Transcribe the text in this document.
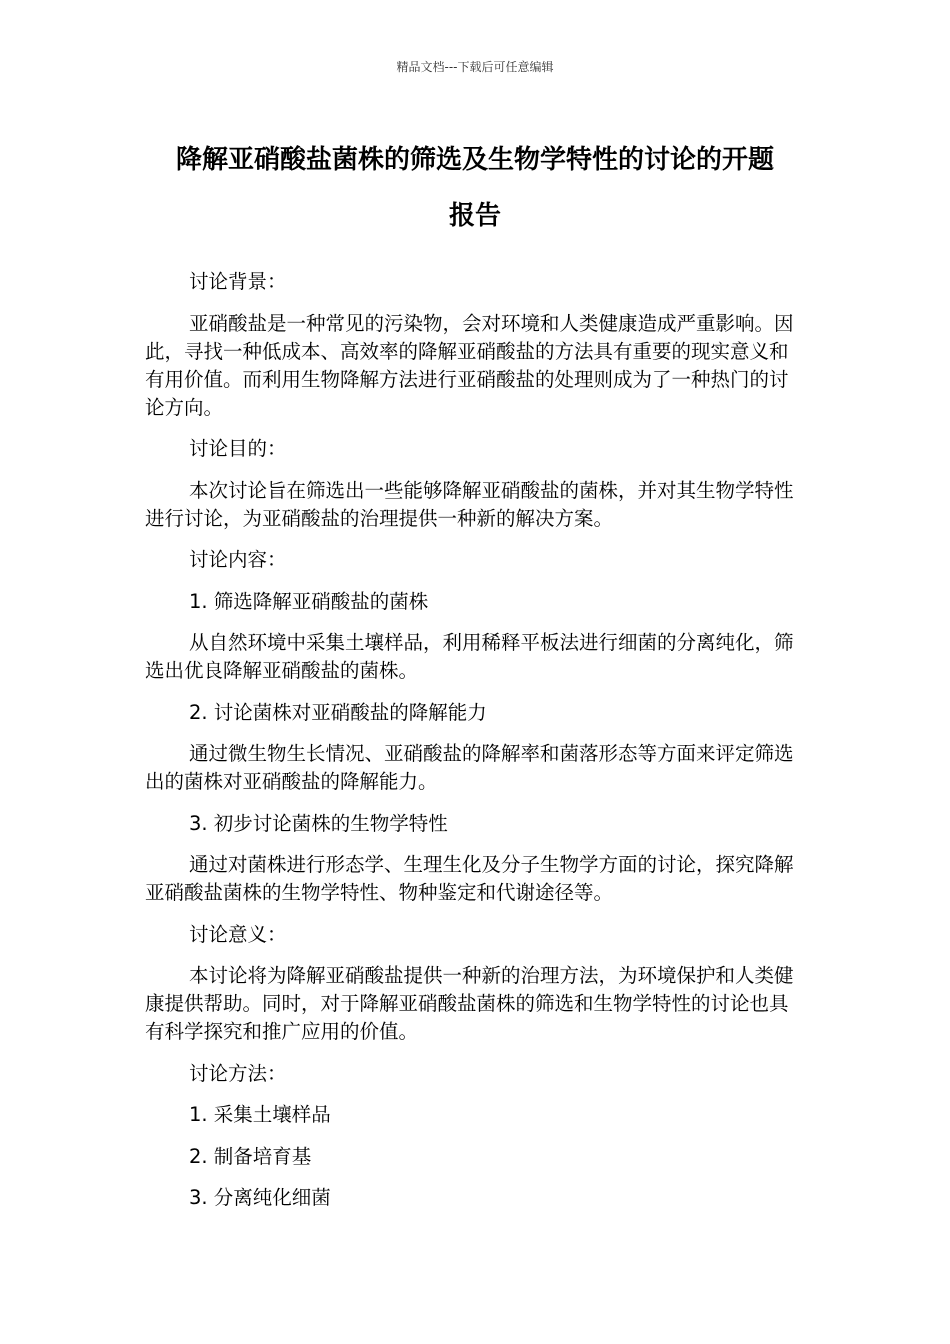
精品文档---下载后可任意编辑
降解亚硝酸盐菌株的筛选及生物学特性的讨论的开题
报告

讨论背景：

亚硝酸盐是一种常见的污染物，会对环境和人类健康造成严重影响。因此，寻找一种低成本、高效率的降解亚硝酸盐的方法具有重要的现实意义和有用价值。而利用生物降解方法进行亚硝酸盐的处理则成为了一种热门的讨论方向。

讨论目的：

本次讨论旨在筛选出一些能够降解亚硝酸盐的菌株，并对其生物学特性进行讨论，为亚硝酸盐的治理提供一种新的解决方案。

讨论内容：

1. 筛选降解亚硝酸盐的菌株

从自然环境中采集土壤样品，利用稀释平板法进行细菌的分离纯化，筛选出优良降解亚硝酸盐的菌株。

2. 讨论菌株对亚硝酸盐的降解能力

通过微生物生长情况、亚硝酸盐的降解率和菌落形态等方面来评定筛选出的菌株对亚硝酸盐的降解能力。

3. 初步讨论菌株的生物学特性

通过对菌株进行形态学、生理生化及分子生物学方面的讨论，探究降解亚硝酸盐菌株的生物学特性、物种鉴定和代谢途径等。

讨论意义：

本讨论将为降解亚硝酸盐提供一种新的治理方法，为环境保护和人类健康提供帮助。同时，对于降解亚硝酸盐菌株的筛选和生物学特性的讨论也具有科学探究和推广应用的价值。

讨论方法：

1. 采集土壤样品

2. 制备培育基

3. 分离纯化细菌
